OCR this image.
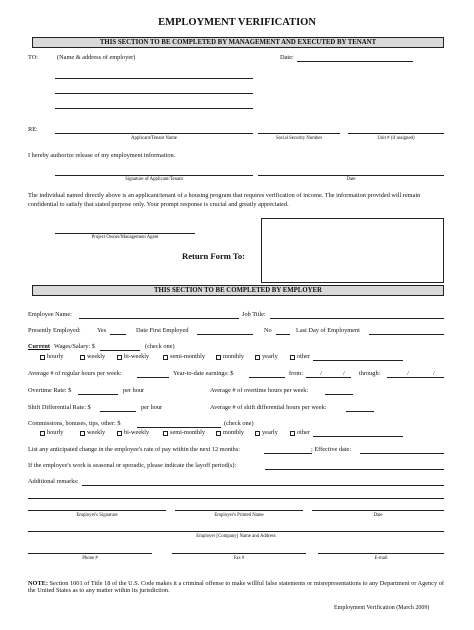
EMPLOYMENT VERIFICATION
THIS SECTION TO BE COMPLETED BY MANAGEMENT AND EXECUTED BY TENANT
TO:	(Name & address of employer)	Date:
RE:
Applicant/Tenant Name	Social Security Number	Unit # (if assigned)
I hereby authorize release of my employment information.
Signature of Applicant/Tenant	Date
The individual named directly above is an applicant/tenant of a housing program that requires verification of income. The information provided will remain confidential to satisfy that stated purpose only. Your prompt response is crucial and greatly appreciated.
Project Owner/Management Agent
Return Form To:
THIS SECTION TO BE COMPLETED BY EMPLOYER
Employee Name:	Job Title:
Presently Employed:	Yes	Date First Employed	No	Last Day of Employment
Current Wages/Salary: $	(check one)
hourly	weekly	bi-weekly	semi-monthly	monthly	yearly	other
Average # of regular hours per week:	Year-to-date earnings: $	from: /  / through: /  /
Overtime Rate: $	per hour	Average # of overtime hours per week:
Shift Differential Rate: $	per hour	Average # of shift differential hours per week:
Commissions, bonuses, tips, other: $	(check one)
hourly	weekly	bi-weekly	semi-monthly	monthly	yearly	other
List any anticipated change in the employee's rate of pay within the next 12 months:	; Effective date:
If the employee's work is seasonal or sporadic, please indicate the layoff period(s):
Additional remarks:
Employer's Signature	Employer's Printed Name	Date
Employer [Company] Name and Address
Phone #	Fax #	E-mail
NOTE: Section 1001 of Title 18 of the U.S. Code makes it a criminal offense to make willful false statements or misrepresentations to any Department or Agency of the United States as to any matter within its jurisdiction.
Employment Verification (March 2009)
